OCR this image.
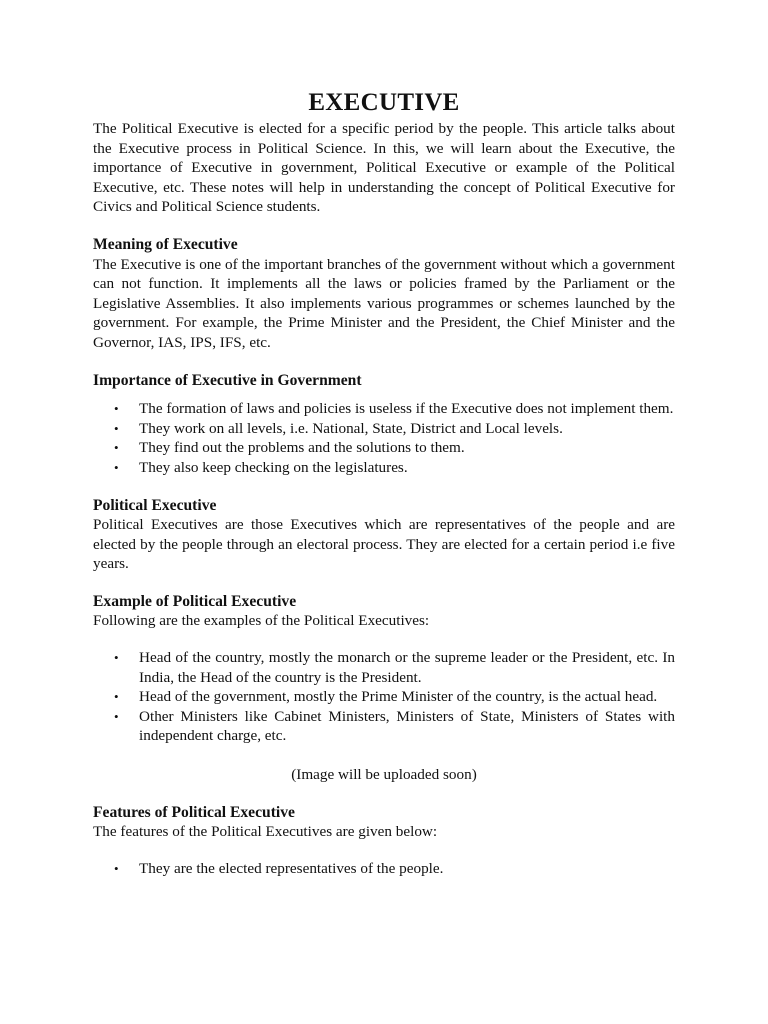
EXECUTIVE

The Political Executive is elected for a specific period by the people. This article talks about the Executive process in Political Science. In this, we will learn about the Executive, the importance of Executive in government, Political Executive or example of the Political Executive, etc. These notes will help in understanding the concept of Political Executive for Civics and Political Science students.

Meaning of Executive

The Executive is one of the important branches of the government without which a government can not function. It implements all the laws or policies framed by the Parliament or the Legislative Assemblies. It also implements various programmes or schemes launched by the government. For example, the Prime Minister and the President, the Chief Minister and the Governor, IAS, IPS, IFS, etc.

Importance of Executive in Government
• The formation of laws and policies is useless if the Executive does not implement them.
• They work on all levels, i.e. National, State, District and Local levels.
• They find out the problems and the solutions to them.
• They also keep checking on the legislatures.
Political Executive

Political Executives are those Executives which are representatives of the people and are elected by the people through an electoral process. They are elected for a certain period i.e five years.

Example of Political Executive

Following are the examples of the Political Executives:

• Head of the country, mostly the monarch or the supreme leader or the President, etc. In India, the Head of the country is the President.
• Head of the government, mostly the Prime Minister of the country, is the actual head.
• Other Ministers like Cabinet Ministers, Ministers of State, Ministers of States with independent charge, etc.

(Image will be uploaded soon)

Features of Political Executive

The features of the Political Executives are given below:

• They are the elected representatives of the people.
